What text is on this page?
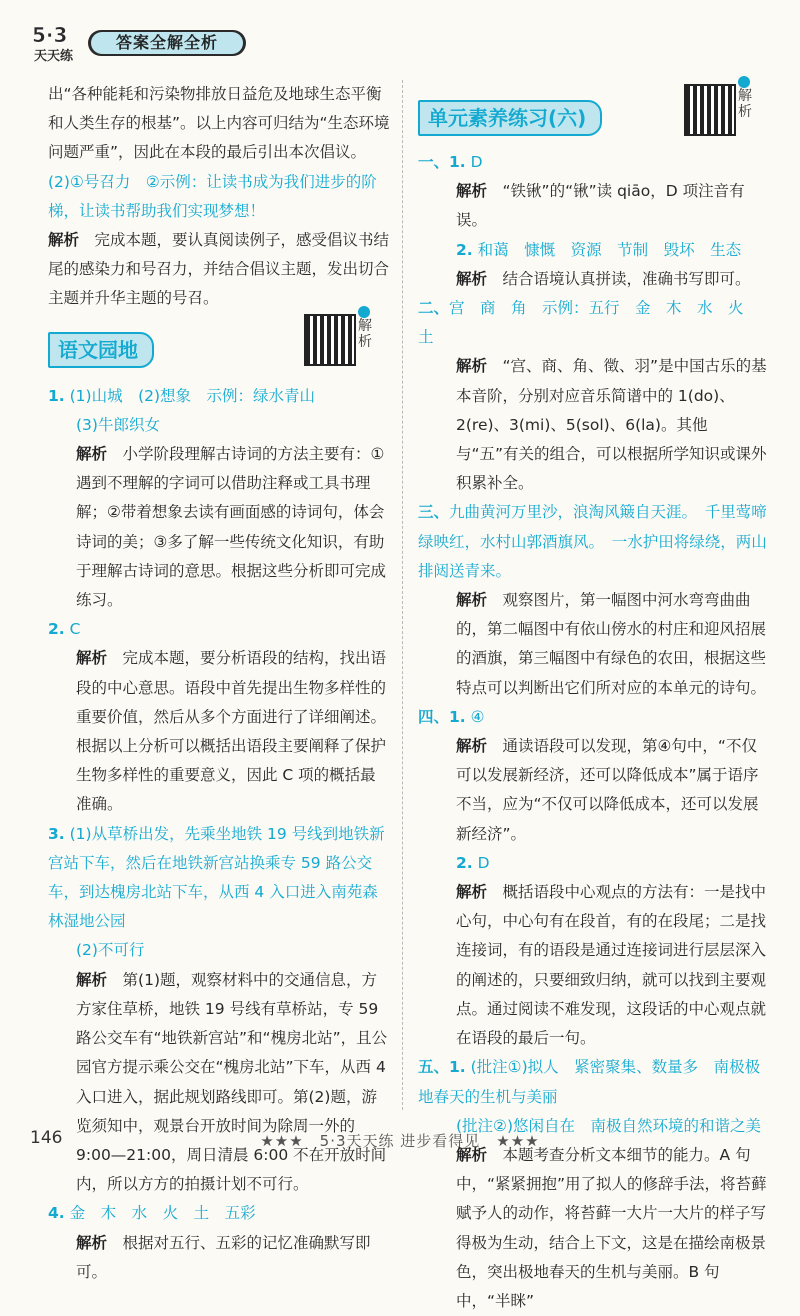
5·3
天天练
答案全解全析

出“各种能耗和污染物排放日益危及地球生态平衡和人类生存的根基”。以上内容可归结为“生态环境问题严重”，因此在本段的最后引出本次倡议。

(2)①号召力　②示例：让读书成为我们进步的阶梯，让读书帮助我们实现梦想！

解析　 完成本题，要认真阅读例子，感受倡议书结尾的感染力和号召力，并结合倡议主题，发出切合主题并升华主题的号召。

语文园地
解析

1. (1)山城　(2)想象　示例：绿水青山

(3)牛郎织女

解析　 小学阶段理解古诗词的方法主要有：①遇到不理解的字词可以借助注释或工具书理解；②带着想象去读有画面感的诗词句，体会诗词的美；③多了解一些传统文化知识，有助于理解古诗词的意思。根据这些分析即可完成练习。

2. C

解析　 完成本题，要分析语段的结构，找出语段的中心意思。语段中首先提出生物多样性的重要价值，然后从多个方面进行了详细阐述。根据以上分析可以概括出语段主要阐释了保护生物多样性的重要意义，因此 C 项的概括最准确。

3. (1)从草桥出发，先乘坐地铁 19 号线到地铁新宫站下车，然后在地铁新宫站换乘专 59 路公交车，到达槐房北站下车，从西 4 入口进入南苑森林湿地公园

(2)不可行

解析　 第(1)题，观察材料中的交通信息，方方家住草桥，地铁 19 号线有草桥站，专 59 路公交车有“地铁新宫站”和“槐房北站”，且公园官方提示乘公交在“槐房北站”下车，从西 4 入口进入，据此规划路线即可。第(2)题，游览须知中，观景台开放时间为除周一外的 9:00—21:00，周日清晨 6:00 不在开放时间内，所以方方的拍摄计划不可行。

4. 金　木　水　火　土　五彩

解析　 根据对五行、五彩的记忆准确默写即可。

单元素养练习(六)
解析

一、1. D

解析　 “铁锹”的“锹”读 qiāo，D 项注音有误。

2. 和蔼　慷慨　资源　节制　毁坏　生态

解析　 结合语境认真拼读，准确书写即可。

二、宫　商　角　示例：五行　金　木　水　火　土

解析　 “宫、商、角、徵、羽”是中国古乐的基本音阶，分别对应音乐简谱中的 1(do)、2(re)、3(mi)、5(sol)、6(la)。其他与“五”有关的组合，可以根据所学知识或课外积累补全。

三、九曲黄河万里沙，浪淘风簸自天涯。　千里莺啼绿映红，水村山郭酒旗风。　一水护田将绿绕，两山排闼送青来。

解析　 观察图片，第一幅图中河水弯弯曲曲的，第二幅图中有依山傍水的村庄和迎风招展的酒旗，第三幅图中有绿色的农田，根据这些特点可以判断出它们所对应的本单元的诗句。

四、1. ④

解析　 通读语段可以发现，第④句中，“不仅可以发展新经济，还可以降低成本”属于语序不当，应为“不仅可以降低成本，还可以发展新经济”。

2. D

解析　 概括语段中心观点的方法有：一是找中心句，中心句有在段首，有的在段尾；二是找连接词，有的语段是通过连接词进行层层深入的阐述的，只要细致归纳，就可以找到主要观点。通过阅读不难发现，这段话的中心观点就在语段的最后一句。

五、1. (批注①)拟人　紧密聚集、数量多　南极极地春天的生机与美丽

(批注②)悠闲自在　南极自然环境的和谐之美

解析　 本题考查分析文本细节的能力。A 句中，“紧紧拥抱”用了拟人的修辞手法，将苔藓赋予人的动作，将苔藓一大片一大片的样子写得极为生动，结合上下文，这是在描绘南极景色，突出极地春天的生机与美丽。B 句中，“半眯”

146	★★★　5·3天天练 进步看得见　★★★
